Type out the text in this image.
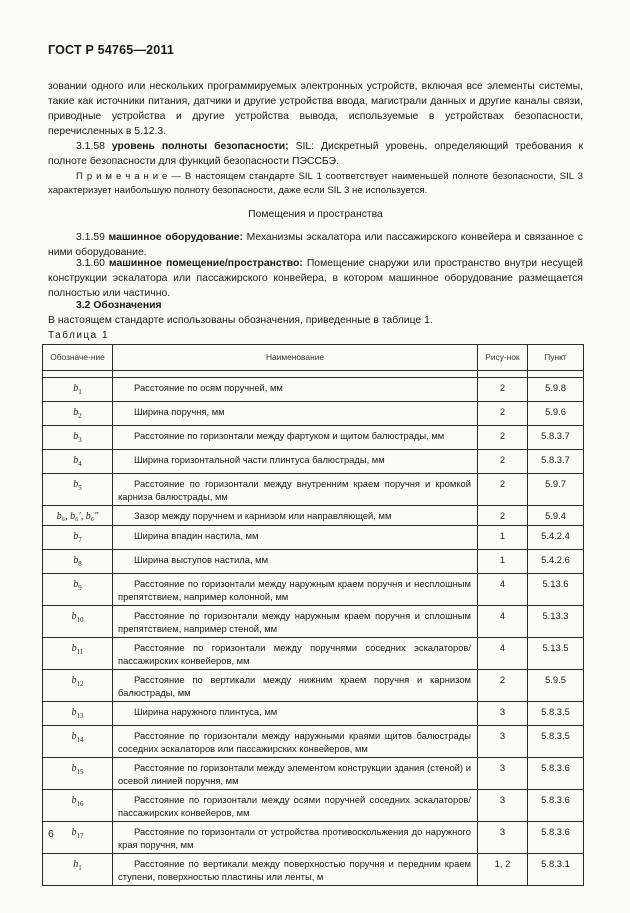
ГОСТ Р 54765—2011
зовании одного или нескольких программируемых электронных устройств, включая все элементы системы, такие как источники питания, датчики и другие устройства ввода, магистрали данных и другие каналы связи, приводные устройства и другие устройства вывода, используемые в устройствах безопасности, перечисленных в 5.12.3.
3.1.58 уровень полноты безопасности; SIL: Дискретный уровень, определяющий требования к полноте безопасности для функций безопасности ПЭССБЭ.
П р и м е ч а н и е — В настоящем стандарте SIL 1 соответствует наименьшей полноте безопасности, SIL 3 характеризует наибольшую полноту безопасности, даже если SIL 3 не используется.
Помещения и пространства
3.1.59 машинное оборудование: Механизмы эскалатора или пассажирского конвейера и связанное с ними оборудование.
3.1.60 машинное помещение/пространство: Помещение снаружи или пространство внутри несущей конструкции эскалатора или пассажирского конвейера, в котором машинное оборудование размещается полностью или частично.
3.2 Обозначения
В настоящем стандарте использованы обозначения, приведенные в таблице 1.
Таблица 1
Обозначе-ние	Наименование	Рису-нок	Пункт

$b_1$	Расстояние по осям поручней, мм	2	5.9.8
$b_2$	Ширина поручня, мм	2	5.9.6
$b_3$	Расстояние по горизонтали между фартуком и щитом балюстрады, мм	2	5.8.3.7
$b_4$	Ширина горизонтальной части плинтуса балюстрады, мм	2	5.8.3.7
$b_5$	Расстояние по горизонтали между внутренним краем поручня и кромкой карниза балюстрады, мм	2	5.9.7
b₆, b₆′, b₆″	Зазор между поручнем и карнизом или направляющей, мм	2	5.9.4
$b_7$	Ширина впадин настила, мм	1	5.4.2.4
$b_8$	Ширина выступов настила, мм	1	5.4.2.6
$b_9$	Расстояние по горизонтали между наружным краем поручня и несплошным препятствием, например колонной, мм	4	5.13.6
$b_{10}$	Расстояние по горизонтали между наружным краем поручня и сплошным препятствием, например стеной, мм	4	5.13.3
$b_{11}$	Расстояние по горизонтали между поручнями соседних эскалаторов/пассажирских конвейеров, мм	4	5.13.5
$b_{12}$	Расстояние по вертикали между нижним краем поручня и карнизом балюстрады, мм	2	5.9.5
$b_{13}$	Ширина наружного плинтуса, мм	3	5.8.3.5
$b_{14}$	Расстояние по горизонтали между наружными краями щитов балюстрады соседних эскалаторов или пассажирских конвейеров, мм	3	5.8.3.5
$b_{15}$	Расстояние по горизонтали между элементом конструкции здания (стеной) и осевой линией поручня, мм	3	5.8.3.6
$b_{16}$	Расстояние по горизонтали между осями поручней соседних эскалаторов/пассажирских конвейеров, мм	3	5.8.3.6
$b_{17}$	Расстояние по горизонтали от устройства противоскольжения до наружного края поручня, мм	3	5.8.3.6
$h_1$	Расстояние по вертикали между поверхностью поручня и передним краем ступени, поверхностью пластины или ленты, м	1, 2	5.8.3.1
6
